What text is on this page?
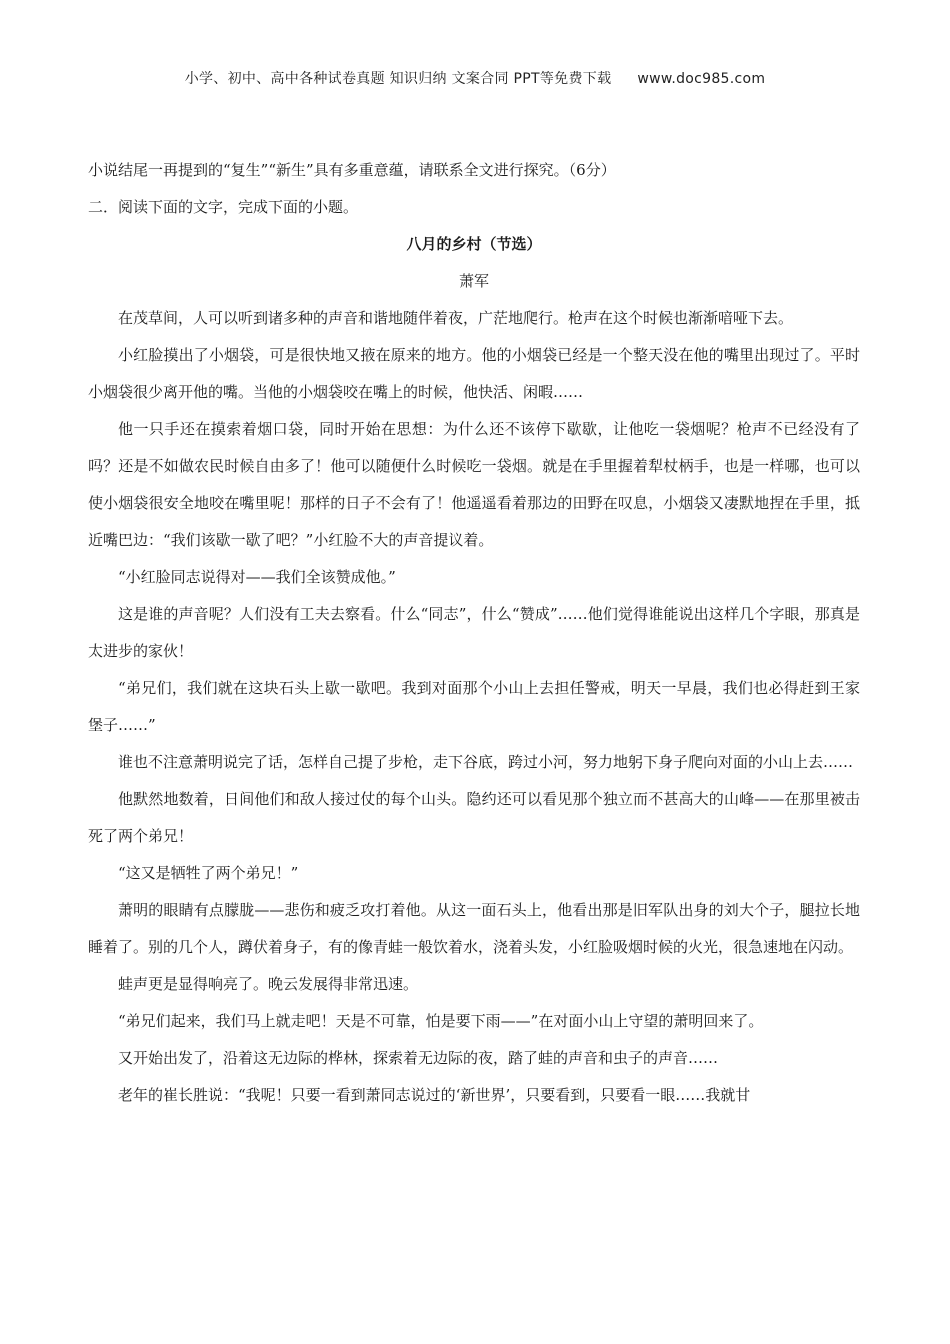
小学、初中、高中各种试卷真题 知识归纳 文案合同 PPT等免费下载 www.doc985.com

小说结尾一再提到的“复生”“新生”具有多重意蕴，请联系全文进行探究。（6分）

二．阅读下面的文字，完成下面的小题。

八月的乡村（节选）

萧军

在茂草间，人可以听到诸多种的声音和谐地随伴着夜，广茫地爬行。枪声在这个时候也渐渐喑哑下去。

小红脸摸出了小烟袋，可是很快地又掖在原来的地方。他的小烟袋已经是一个整天没在他的嘴里出现过了。平时小烟袋很少离开他的嘴。当他的小烟袋咬在嘴上的时候，他快活、闲暇……

他一只手还在摸索着烟口袋，同时开始在思想：为什么还不该停下歇歇，让他吃一袋烟呢？枪声不已经没有了吗？还是不如做农民时候自由多了！他可以随便什么时候吃一袋烟。就是在手里握着犁杖柄手，也是一样哪，也可以使小烟袋很安全地咬在嘴里呢！那样的日子不会有了！他遥遥看着那边的田野在叹息，小烟袋又凄默地捏在手里，抵近嘴巴边：“我们该歇一歇了吧？”小红脸不大的声音提议着。

“小红脸同志说得对——我们全该赞成他。”

这是谁的声音呢？人们没有工夫去察看。什么“同志”，什么“赞成”……他们觉得谁能说出这样几个字眼，那真是太进步的家伙！

“弟兄们，我们就在这块石头上歇一歇吧。我到对面那个小山上去担任警戒，明天一早晨，我们也必得赶到王家堡子……”

谁也不注意萧明说完了话，怎样自己提了步枪，走下谷底，跨过小河，努力地躬下身子爬向对面的小山上去……

他默然地数着，日间他们和敌人接过仗的每个山头。隐约还可以看见那个独立而不甚高大的山峰——在那里被击死了两个弟兄！

“这又是牺牲了两个弟兄！”

萧明的眼睛有点朦胧——悲伤和疲乏攻打着他。从这一面石头上，他看出那是旧军队出身的刘大个子，腿拉长地睡着了。别的几个人，蹲伏着身子，有的像青蛙一般饮着水，浇着头发，小红脸吸烟时候的火光，很急速地在闪动。

蛙声更是显得响亮了。晚云发展得非常迅速。

“弟兄们起来，我们马上就走吧！天是不可靠，怕是要下雨——”在对面小山上守望的萧明回来了。

又开始出发了，沿着这无边际的桦林，探索着无边际的夜，踏了蛙的声音和虫子的声音……

老年的崔长胜说：“我呢！只要一看到萧同志说过的‘新世界’，只要看到，只要看一眼……我就甘
